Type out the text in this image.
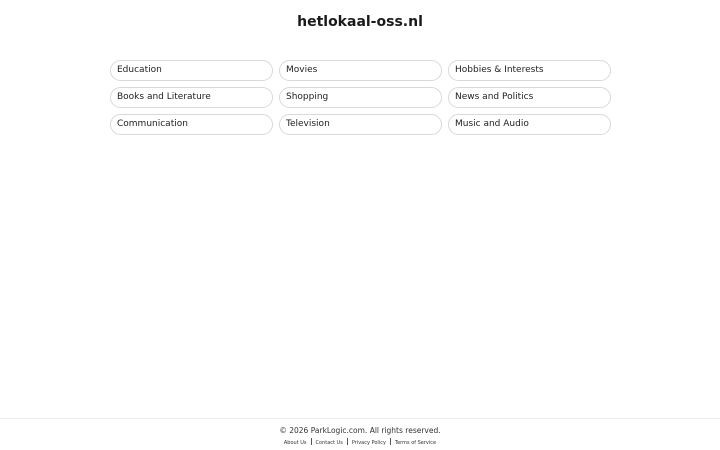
hetlokaal-oss.nl
Education	Movies	Hobbies & Interests
Books and Literature	Shopping	News and Politics
Communication	Television	Music and Audio
© 2026 ParkLogic.com. All rights reserved.
About Us Contact Us Privacy Policy Terms of Service
